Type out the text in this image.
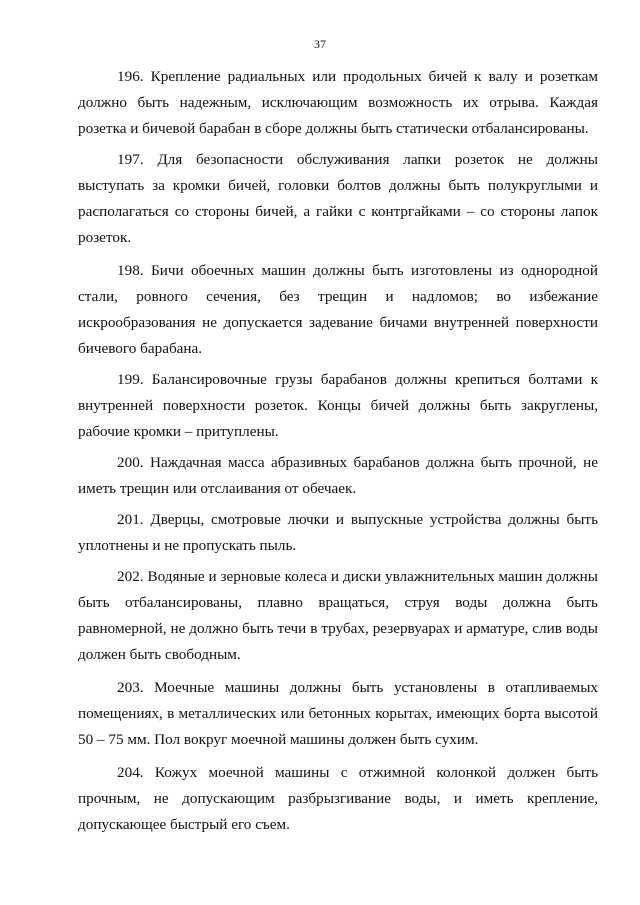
37

196. Крепление радиальных или продольных бичей к валу и розеткам должно быть надежным, исключающим возможность их отрыва. Каждая розетка и бичевой барабан в сборе должны быть статически отбалансированы.

197. Для безопасности обслуживания лапки розеток не должны выступать за кромки бичей, головки болтов должны быть полукруглыми и располагаться со стороны бичей, а гайки с контргайками – со стороны лапок розеток.

198. Бичи обоечных машин должны быть изготовлены из однородной стали, ровного сечения, без трещин и надломов; во избежание искрообразования не допускается задевание бичами внутренней поверхности бичевого барабана.

199. Балансировочные грузы барабанов должны крепиться болтами к внутренней поверхности розеток. Концы бичей должны быть закруглены, рабочие кромки – притуплены.

200. Наждачная масса абразивных барабанов должна быть прочной, не иметь трещин или отслаивания от обечаек.

201. Дверцы, смотровые лючки и выпускные устройства должны быть уплотнены и не пропускать пыль.

202. Водяные и зерновые колеса и диски увлажнительных машин должны быть отбалансированы, плавно вращаться, струя воды должна быть равномерной, не должно быть течи в трубах, резервуарах и арматуре, слив воды должен быть свободным.

203. Моечные машины должны быть установлены в отапливаемых помещениях, в металлических или бетонных корытах, имеющих борта высотой 50 – 75 мм. Пол вокруг моечной машины должен быть сухим.

204. Кожух моечной машины с отжимной колонкой должен быть прочным, не допускающим разбрызгивание воды, и иметь крепление, допускающее быстрый его съем.
